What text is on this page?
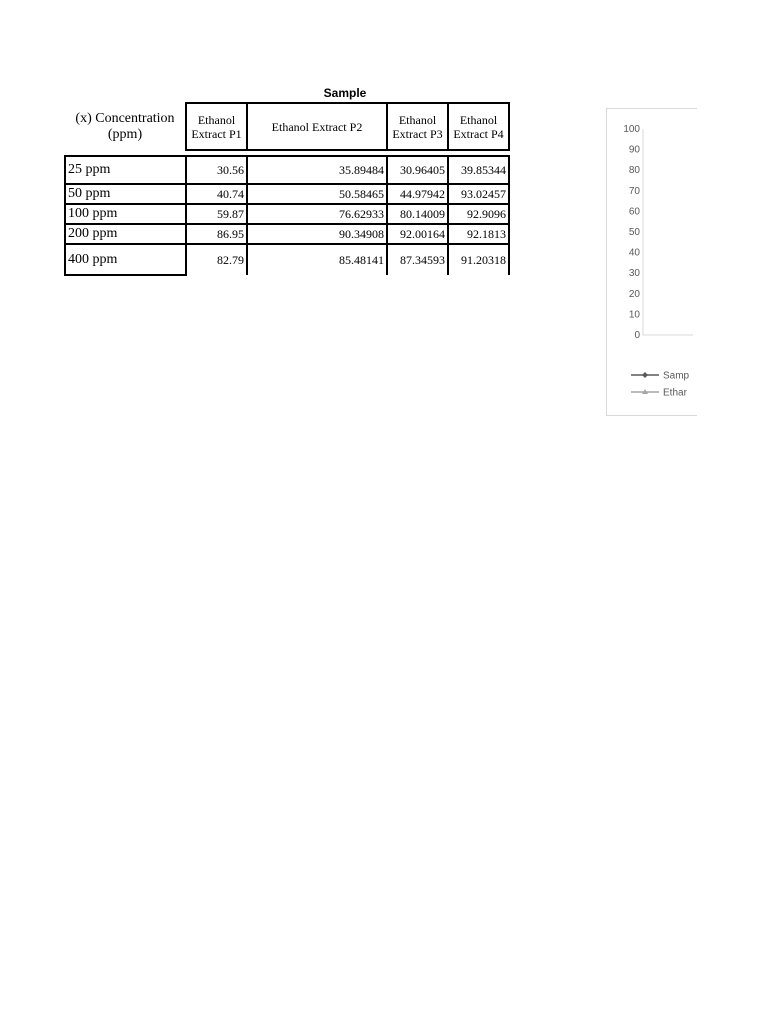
Sample
(x) Concentration (ppm)	Ethanol Extract P1	Ethanol Extract P2	Ethanol Extract P3	Ethanol Extract P4

25 ppm	30.56	35.89484	30.96405	39.85344
50 ppm	40.74	50.58465	44.97942	93.02457
100 ppm	59.87	76.62933	80.14009	92.9096
200 ppm	86.95	90.34908	92.00164	92.1813
400 ppm	82.79	85.48141	87.34593	91.20318
100
90
80
70
60
50
40
30
20
10
0
Samp
Ethar
